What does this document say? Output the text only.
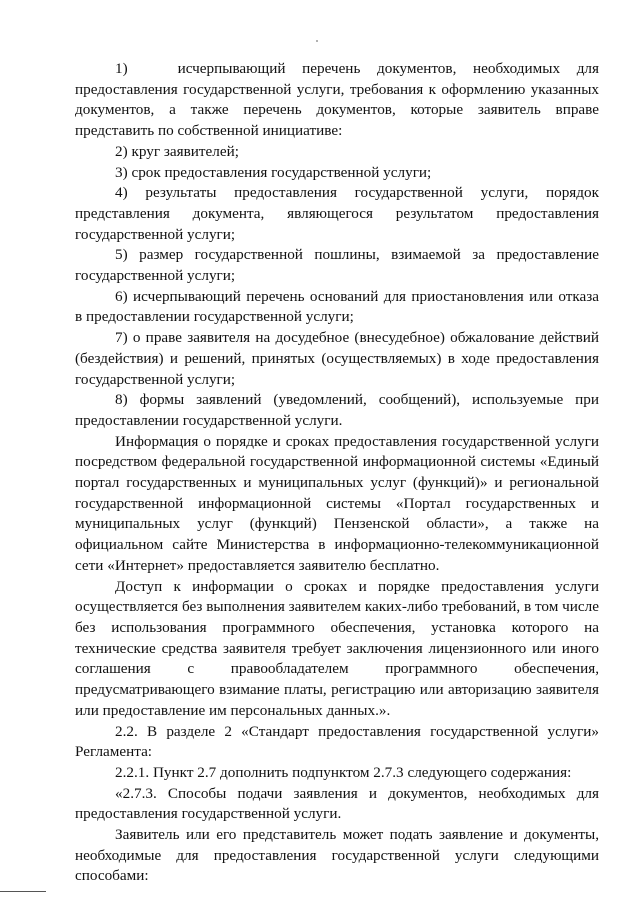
1)   исчерпывающий перечень документов, необходимых для предоставления государственной услуги, требования к оформлению указанных документов, а также перечень документов, которые заявитель вправе представить по собственной инициативе:

2) круг заявителей;

3) срок предоставления государственной услуги;

4) результаты предоставления государственной услуги, порядок представления документа, являющегося результатом предоставления государственной услуги;

5) размер государственной пошлины, взимаемой за предоставление государственной услуги;

6) исчерпывающий перечень оснований для приостановления или отказа в предоставлении государственной услуги;

7) о праве заявителя на досудебное (внесудебное) обжалование действий (бездействия) и решений, принятых (осуществляемых) в ходе предоставления государственной услуги;

8) формы заявлений (уведомлений, сообщений), используемые при предоставлении государственной услуги.

Информация о порядке и сроках предоставления государственной услуги посредством федеральной государственной информационной системы «Единый портал государственных и муниципальных услуг (функций)» и региональной государственной информационной системы «Портал государственных и муниципальных услуг (функций) Пензенской области», а также на официальном сайте Министерства в информационно-телекоммуникационной сети «Интернет» предоставляется заявителю бесплатно.

Доступ к информации о сроках и порядке предоставления услуги осуществляется без выполнения заявителем каких-либо требований, в том числе без использования программного обеспечения, установка которого на технические средства заявителя требует заключения лицензионного или иного соглашения с правообладателем программного обеспечения, предусматривающего взимание платы, регистрацию или авторизацию заявителя или предоставление им персональных данных.».

2.2. В разделе 2 «Стандарт предоставления государственной услуги» Регламента:

2.2.1. Пункт 2.7 дополнить подпунктом 2.7.3 следующего содержания:

«2.7.3. Способы подачи заявления и документов, необходимых для предоставления государственной услуги.

Заявитель или его представитель может подать заявление и документы, необходимые для предоставления государственной услуги следующими способами:
